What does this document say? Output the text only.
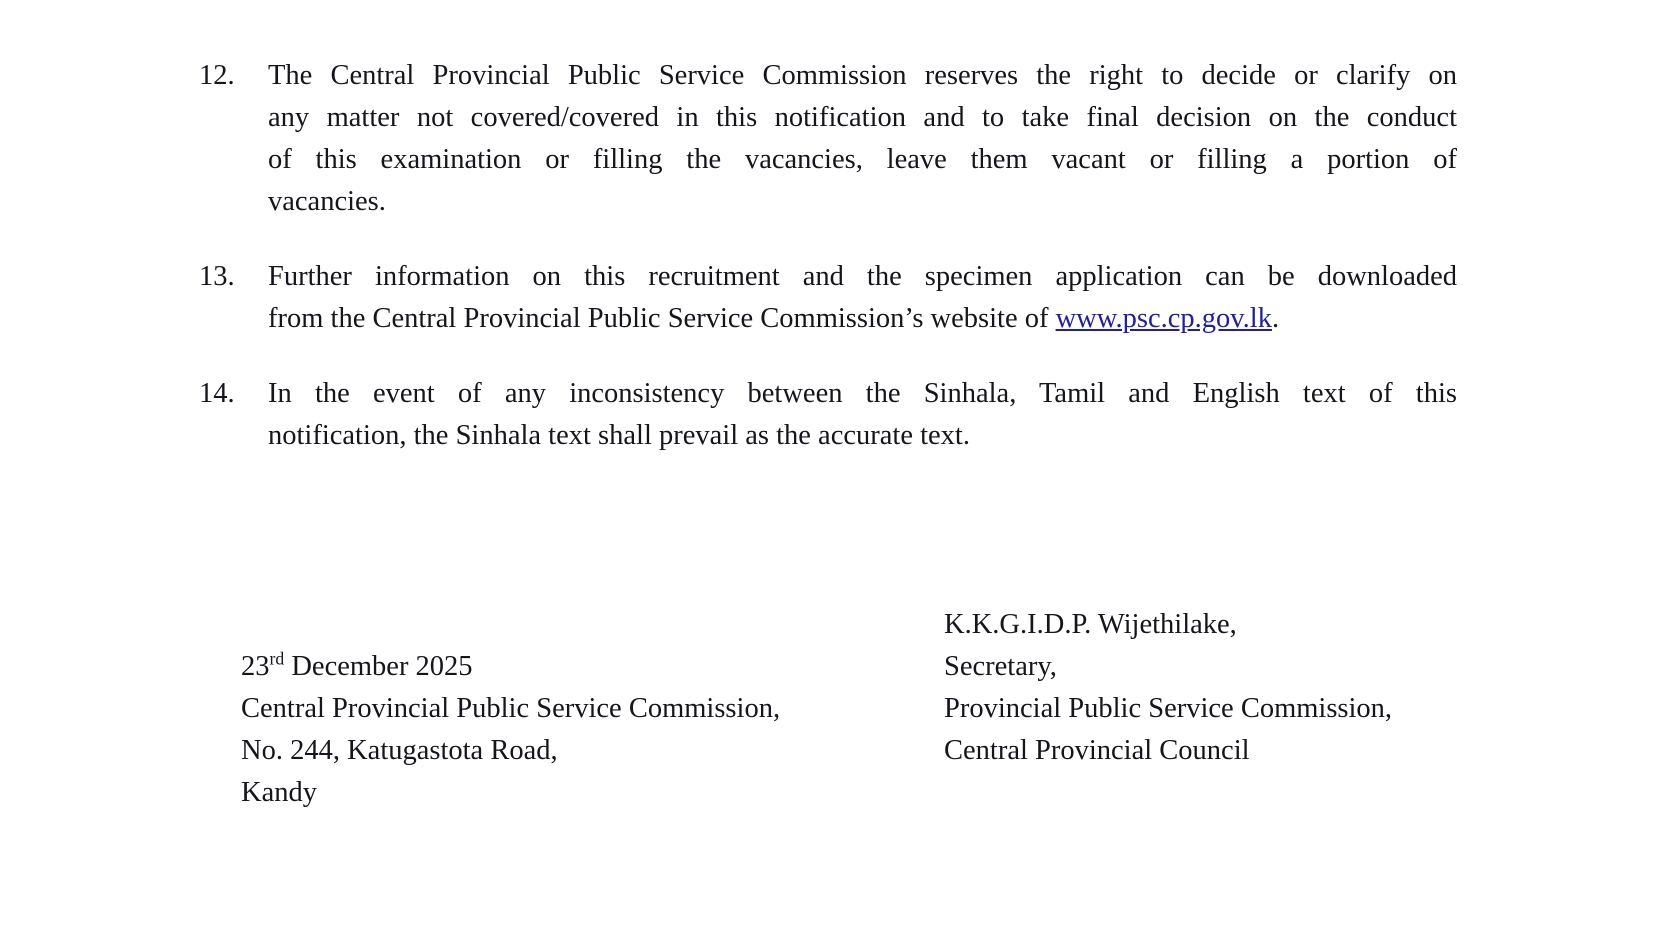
12.	The Central Provincial Public Service Commission reserves the right to decide or clarify on
any matter not covered/covered in this notification and to take final decision on the conduct
of this examination or filling the vacancies, leave them vacant or filling a portion of
vacancies.
13.	Further information on this recruitment and the specimen application can be downloaded
from the Central Provincial Public Service Commission’s website of www.psc.cp.gov.lk.
14.	In the event of any inconsistency between the Sinhala, Tamil and English text of this
notification, the Sinhala text shall prevail as the accurate text.
23rd December 2025
Central Provincial Public Service Commission,
No. 244, Katugastota Road,
Kandy
K.K.G.I.D.P. Wijethilake,
Secretary,
Provincial Public Service Commission,
Central Provincial Council
